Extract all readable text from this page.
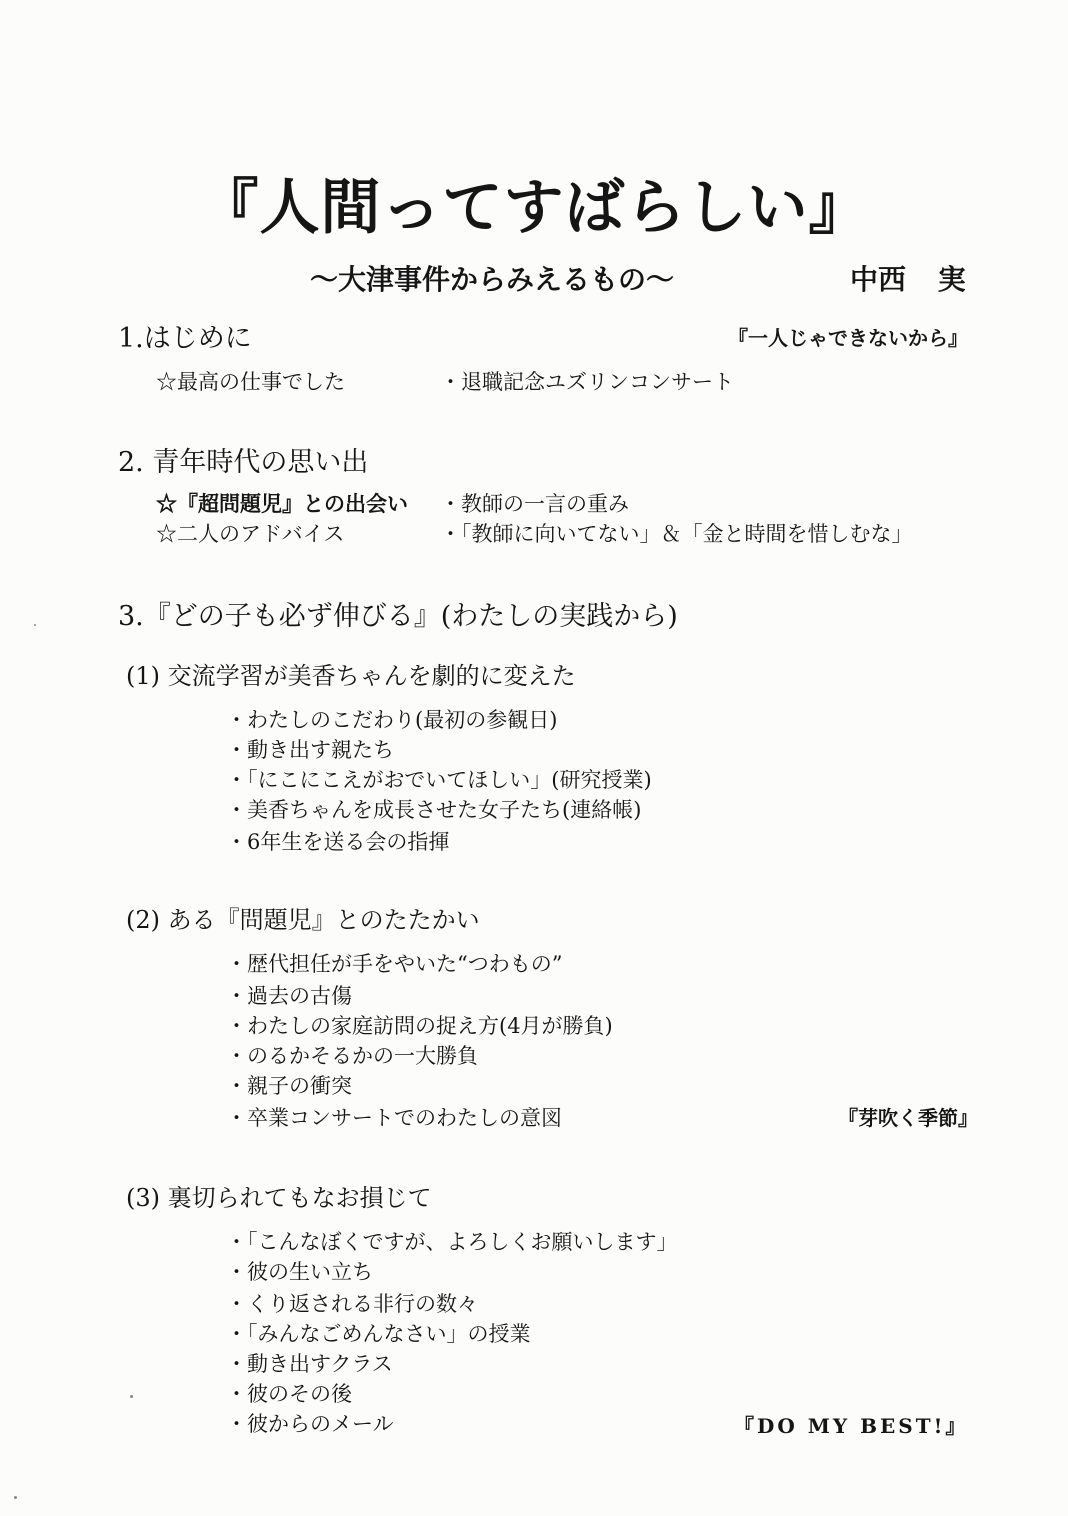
『人間ってすばらしい』
～大津事件からみえるもの～	中西 実
1.はじめに	『一人じゃできないから』
☆最高の仕事でした	・退職記念ユズリンコンサート
2. 青年時代の思い出
☆『超問題児』との出会い ・教師の一言の重み
☆二人のアドバイス	・「教師に向いてない」＆「金と時間を惜しむな」
3.『どの子も必ず伸びる』(わたしの実践から)
(1) 交流学習が美香ちゃんを劇的に変えた
・わたしのこだわり(最初の参観日)
・動き出す親たち
・「にこにこえがおでいてほしい」(研究授業)
・美香ちゃんを成長させた女子たち(連絡帳)
・6年生を送る会の指揮
(2) ある『問題児』とのたたかい
・歴代担任が手をやいた“つわもの”
・過去の古傷
・わたしの家庭訪問の捉え方(4月が勝負)
・のるかそるかの一大勝負
・親子の衝突
・卒業コンサートでのわたしの意図	『芽吹く季節』
(3) 裏切られてもなお損じて
・「こんなぼくですが、よろしくお願いします」
・彼の生い立ち
・くり返される非行の数々
・「みんなごめんなさい」の授業
・動き出すクラス
・彼のその後
・彼からのメール	『DO MY BEST!』
